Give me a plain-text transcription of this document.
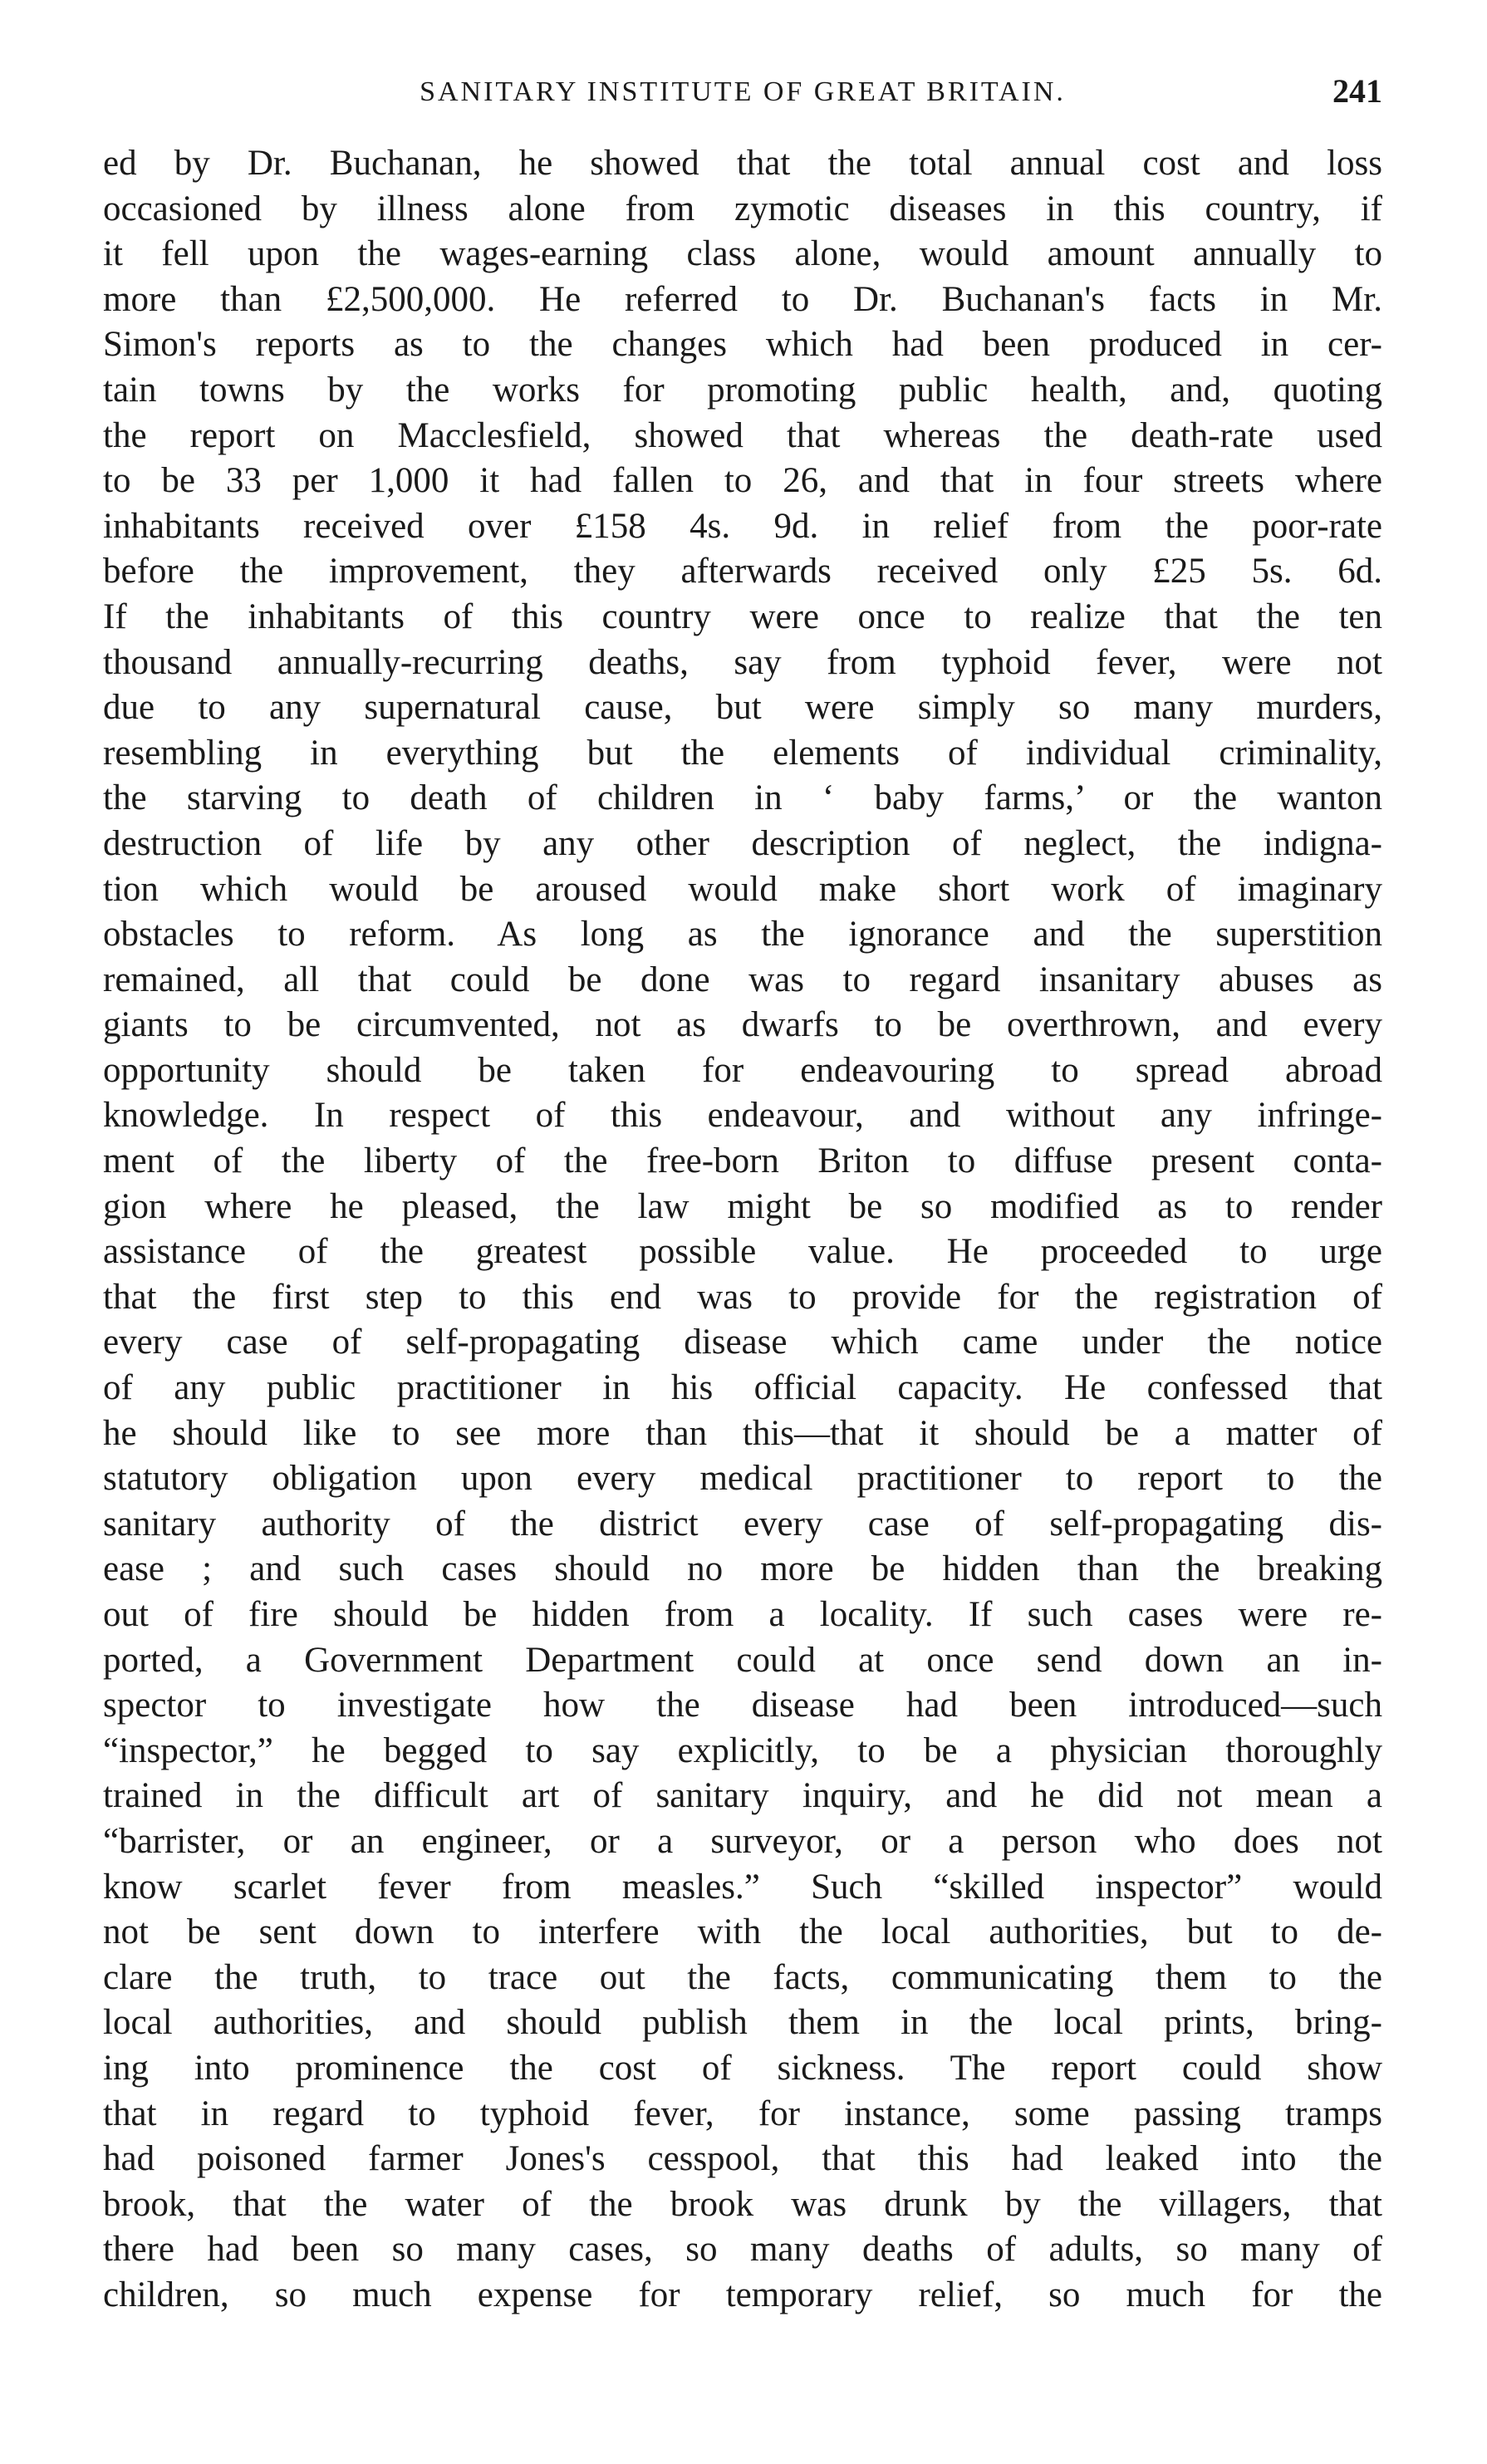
SANITARY INSTITUTE OF GREAT BRITAIN.	241
ed by Dr. Buchanan, he showed that the total annual cost and loss
occasioned by illness alone from zymotic diseases in this country, if
it fell upon the wages-earning class alone, would amount annually to
more than £2,500,000. He referred to Dr. Buchanan's facts in Mr.
Simon's reports as to the changes which had been produced in cer-
tain towns by the works for promoting public health, and, quoting
the report on Macclesfield, showed that whereas the death-rate used
to be 33 per 1,000 it had fallen to 26, and that in four streets where
inhabitants received over £158 4s. 9d. in relief from the poor-rate
before the improvement, they afterwards received only £25 5s. 6d.
If the inhabitants of this country were once to realize that the ten
thousand annually-recurring deaths, say from typhoid fever, were not
due to any supernatural cause, but were simply so many murders,
resembling in everything but the elements of individual criminality,
the starving to death of children in ‘ baby farms,’ or the wanton
destruction of life by any other description of neglect, the indigna-
tion which would be aroused would make short work of imaginary
obstacles to reform. As long as the ignorance and the superstition
remained, all that could be done was to regard insanitary abuses as
giants to be circumvented, not as dwarfs to be overthrown, and every
opportunity should be taken for endeavouring to spread abroad
knowledge. In respect of this endeavour, and without any infringe-
ment of the liberty of the free-born Briton to diffuse present conta-
gion where he pleased, the law might be so modified as to render
assistance of the greatest possible value. He proceeded to urge
that the first step to this end was to provide for the registration of
every case of self-propagating disease which came under the notice
of any public practitioner in his official capacity. He confessed that
he should like to see more than this—that it should be a matter of
statutory obligation upon every medical practitioner to report to the
sanitary authority of the district every case of self-propagating dis-
ease ; and such cases should no more be hidden than the breaking
out of fire should be hidden from a locality. If such cases were re-
ported, a Government Department could at once send down an in-
spector to investigate how the disease had been introduced—such
“inspector,” he begged to say explicitly, to be a physician thoroughly
trained in the difficult art of sanitary inquiry, and he did not mean a
“barrister, or an engineer, or a surveyor, or a person who does not
know scarlet fever from measles.” Such “skilled inspector” would
not be sent down to interfere with the local authorities, but to de-
clare the truth, to trace out the facts, communicating them to the
local authorities, and should publish them in the local prints, bring-
ing into prominence the cost of sickness. The report could show
that in regard to typhoid fever, for instance, some passing tramps
had poisoned farmer Jones's cesspool, that this had leaked into the
brook, that the water of the brook was drunk by the villagers, that
there had been so many cases, so many deaths of adults, so many of
children, so much expense for temporary relief, so much for the
